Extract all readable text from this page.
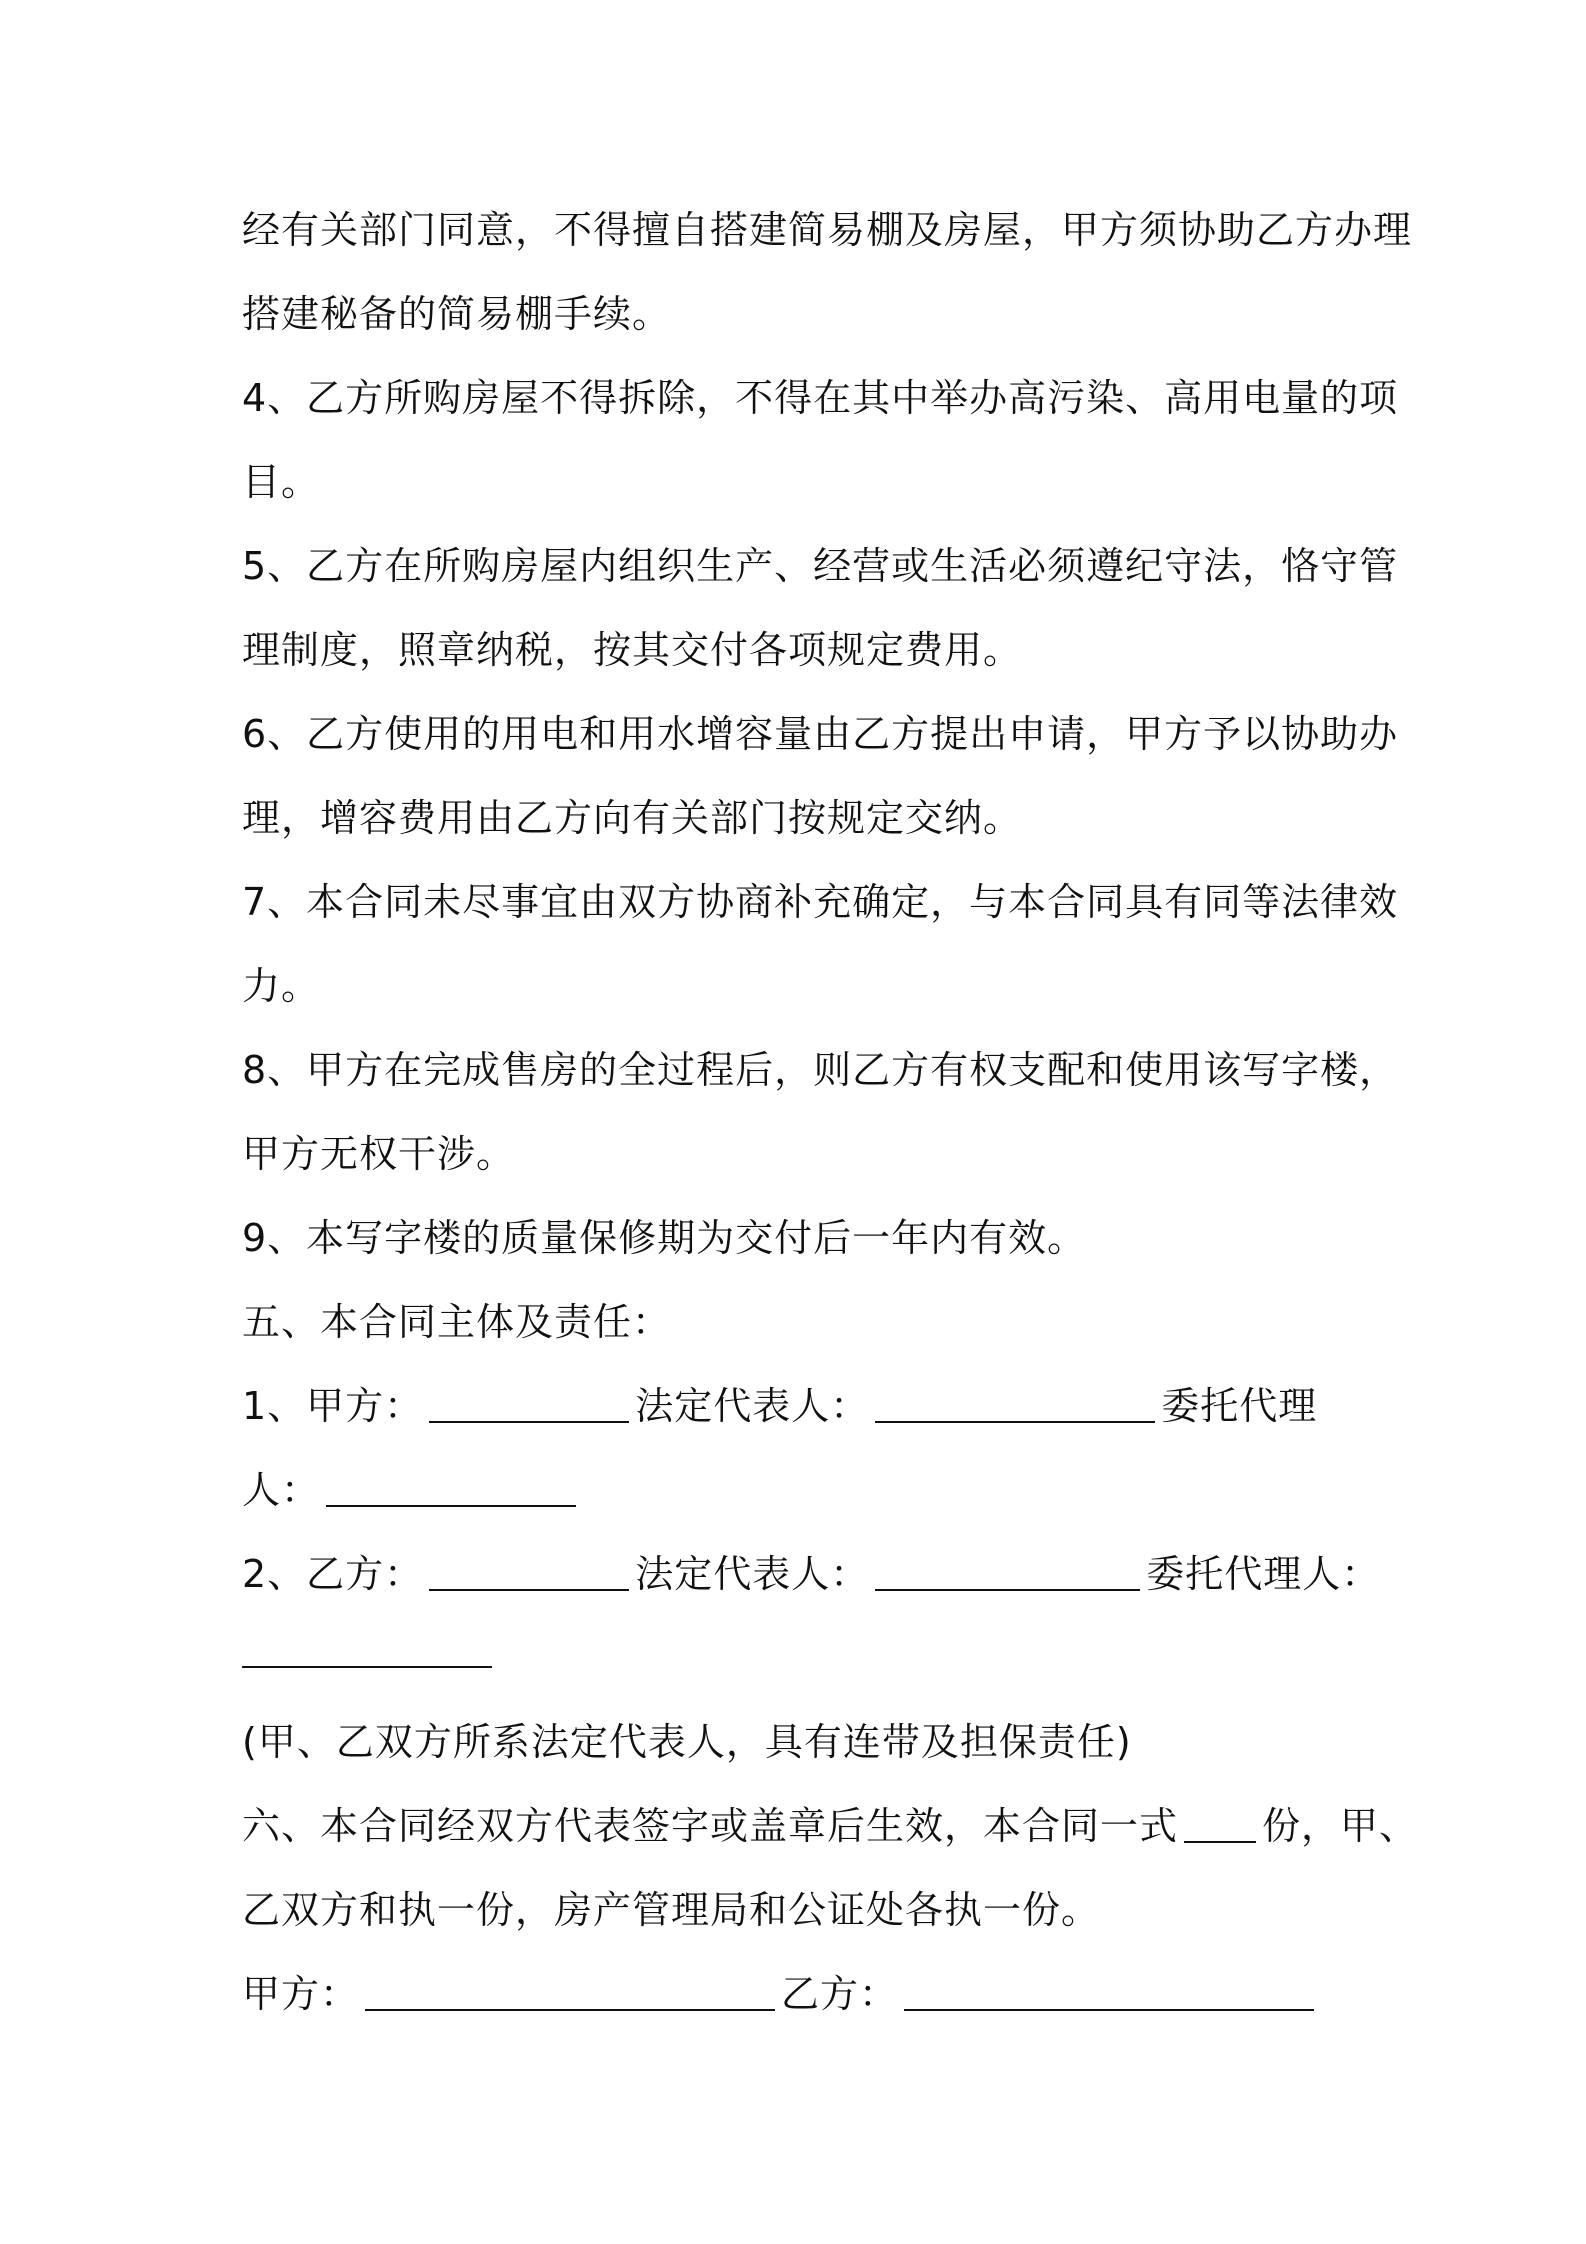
经有关部门同意，不得擅自搭建简易棚及房屋，甲方须协助乙方办理
搭建秘备的简易棚手续。
4、乙方所购房屋不得拆除，不得在其中举办高污染、高用电量的项
目。
5、乙方在所购房屋内组织生产、经营或生活必须遵纪守法，恪守管
理制度，照章纳税，按其交付各项规定费用。
6、乙方使用的用电和用水增容量由乙方提出申请，甲方予以协助办
理，增容费用由乙方向有关部门按规定交纳。
7、本合同未尽事宜由双方协商补充确定，与本合同具有同等法律效
力。
8、甲方在完成售房的全过程后，则乙方有权支配和使用该写字楼，
甲方无权干涉。
9、本写字楼的质量保修期为交付后一年内有效。
五、本合同主体及责任：
1、甲方：	法定代表人：	委托代理
人：
2、乙方：	法定代表人：	委托代理人：
(甲、乙双方所系法定代表人，具有连带及担保责任)
六、本合同经双方代表签字或盖章后生效，本合同一式 份，甲、
乙双方和执一份，房产管理局和公证处各执一份。
甲方：	乙方：
